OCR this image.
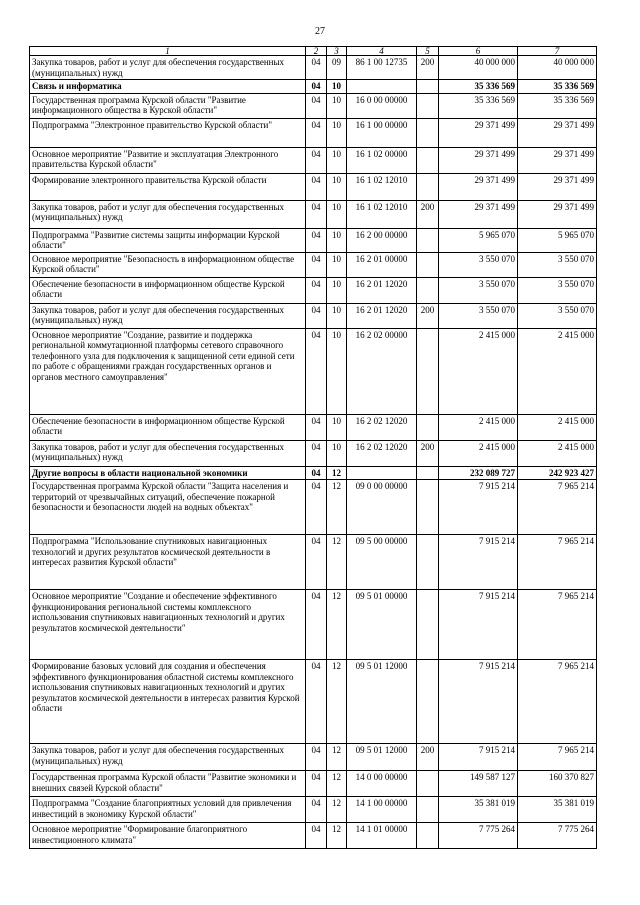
27
1	2	3	4	5	6	7
Закупка товаров, работ и услуг для обеспечения государственных (муниципальных) нужд	04	09	86 1 00 12735	200	40 000 000	40 000 000
Связь и информатика	04	10			35 336 569	35 336 569
Государственная программа Курской области "Развитие информационного общества в Курской области"	04	10	16 0 00 00000		35 336 569	35 336 569
Подпрограмма "Электронное правительство Курской области"	04	10	16 1 00 00000		29 371 499	29 371 499
Основное мероприятие "Развитие и эксплуатация Электронного правительства Курской области"	04	10	16 1 02 00000		29 371 499	29 371 499
Формирование электронного правительства Курской области	04	10	16 1 02 12010		29 371 499	29 371 499
Закупка товаров, работ и услуг для обеспечения государственных (муниципальных) нужд	04	10	16 1 02 12010	200	29 371 499	29 371 499
Подпрограмма "Развитие системы защиты информации Курской области"	04	10	16 2 00 00000		5 965 070	5 965 070
Основное мероприятие "Безопасность в информационном обществе Курской области"	04	10	16 2 01 00000		3 550 070	3 550 070
Обеспечение безопасности в информационном обществе Курской области	04	10	16 2 01 12020		3 550 070	3 550 070
Закупка товаров, работ и услуг для обеспечения государственных (муниципальных) нужд	04	10	16 2 01 12020	200	3 550 070	3 550 070
Основное мероприятие "Создание, развитие и поддержка региональной коммутационной платформы сетевого справочного телефонного узла для подключения к защищенной сети единой сети по работе с обращениями граждан государственных органов и органов местного самоуправления"	04	10	16 2 02 00000		2 415 000	2 415 000
Обеспечение безопасности в информационном обществе Курской области	04	10	16 2 02 12020		2 415 000	2 415 000
Закупка товаров, работ и услуг для обеспечения государственных (муниципальных) нужд	04	10	16 2 02 12020	200	2 415 000	2 415 000
Другие вопросы в области национальной экономики	04	12			232 089 727	242 923 427
Государственная программа Курской области "Защита населения и территорий от чрезвычайных ситуаций, обеспечение пожарной безопасности и безопасности людей на водных объектах"	04	12	09 0 00 00000		7 915 214	7 965 214
Подпрограмма "Использование спутниковых навигационных технологий и других результатов космической деятельности в интересах развития Курской области"	04	12	09 5 00 00000		7 915 214	7 965 214
Основное мероприятие "Создание и обеспечение эффективного функционирования региональной системы комплексного использования спутниковых навигационных технологий и других результатов космической деятельности"	04	12	09 5 01 00000		7 915 214	7 965 214
Формирование базовых условий для создания и обеспечения эффективного функционирования областной системы комплексного использования спутниковых навигационных технологий и других результатов космической деятельности в интересах развития Курской области	04	12	09 5 01 12000		7 915 214	7 965 214
Закупка товаров, работ и услуг для обеспечения государственных (муниципальных) нужд	04	12	09 5 01 12000	200	7 915 214	7 965 214
Государственная программа Курской области "Развитие экономики и внешних связей Курской области"	04	12	14 0 00 00000		149 587 127	160 370 827
Подпрограмма "Создание благоприятных условий для привлечения инвестиций в экономику Курской области"	04	12	14 1 00 00000		35 381 019	35 381 019
Основное мероприятие "Формирование благоприятного инвестиционного климата"	04	12	14 1 01 00000		7 775 264	7 775 264
